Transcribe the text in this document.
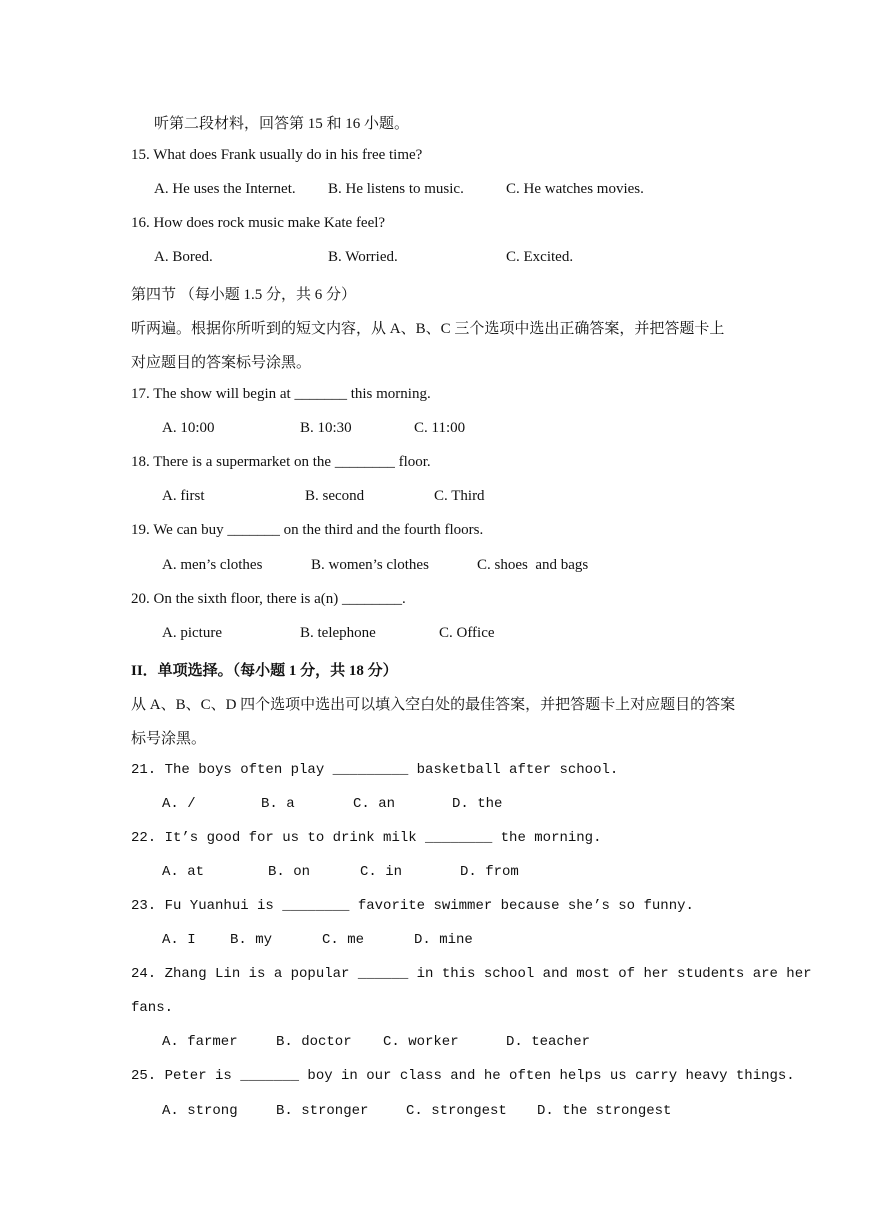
听第二段材料，回答第 15 和 16 小题。
15. What does Frank usually do in his free time?
A. He uses the Internet. B. He listens to music.	C. He watches movies.
16. How does rock music make Kate feel?
A. Bored.	B. Worried.	C. Excited.
第四节 （每小题 1.5 分，共 6 分）
听两遍。根据你所听到的短文内容，从 A、B、C 三个选项中选出正确答案，并把答题卡上
对应题目的答案标号涂黑。
17. The show will begin at _______ this morning.
A. 10:00	B. 10:30	C. 11:00
18. There is a supermarket on the ________ floor.
A. first	B. second	C. Third
19. We can buy _______ on the third and the fourth floors.
A. men’s clothes	B. women’s clothes	C. shoes  and bags
20. On the sixth floor, there is a(n) ________.
A. picture	B. telephone	C. Office
II．单项选择。（每小题 1 分，共 18 分）
从 A、B、C、D 四个选项中选出可以填入空白处的最佳答案，并把答题卡上对应题目的答案
标号涂黑。
21. The boys often play _________ basketball after school.
A. /	B. a	C. an	D. the
22. It’s good for us to drink milk ________ the morning.
A. at	B. on	C. in	D. from
23. Fu Yuanhui is ________ favorite swimmer because she’s so funny.
A. I B. my	C. me	D. mine
24. Zhang Lin is a popular ______ in this school and most of her students are her
fans.
A. farmer	B. doctor C. worker	D. teacher
25. Peter is _______ boy in our class and he often helps us carry heavy things.
A. strong	B. stronger	C. strongest D. the strongest
